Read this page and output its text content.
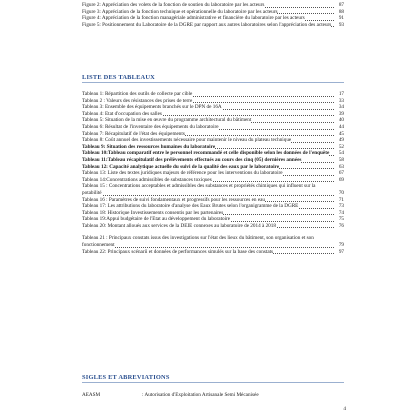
Figure 2: Appréciation des volets de la fonction de soutien du laboratoire par les acteurs	87
Figure 3: Appréciation de la fonction technique et opérationnelle du laboratoire par les acteurs	88
Figure 4: Appréciation de la fonction managériale administrative et financière du laboratoire par les acteurs	91
Figure 5: Positionnement du Laboratoire de la DGRE par rapport aux autres laboratoires selon l'appréciation des acteurs	93
LISTE DES TABLEAUX
Tableau 1: Répartition des outils de collecte par cible	17
Tableau 2 : Valeurs des résistances des prises de terre	33
Tableau 3: Ensemble des équipements branchés sur le DPN de 16A	34
Tableau 4: Etat d'occupation des salles	39
Tableau 5: Situation de la mise en œuvre du programme architectural du bâtiment	40
Tableau 6: Résultat de l'inventaire des équipements du laboratoire	44
Tableau 7: Récapitulatif de l'état des équipements	45
Tableau 8: Coût annuel des investissements nécessaire pour maintenir le niveau du plateau technique	49
Tableau 9: Situation des ressources humaines du laboratoire	52
Tableau 10:Tableau comparatif entre le personnel recommandé et celle disponible selon les données de l'enquête	54
Tableau 11:Tableau récapitulatif des prélèvements effectués au cours des cinq (05) dernières années	58
Tableau 12: Capacité analytique actuelle du suivi de la qualité des eaux par le laboratoire	63
Tableau 13: Liste des textes juridiques majeurs de référence pour les interventions du laboratoire	67
Tableau 14:Concentrations admissibles de substances toxiques	69
Tableau 15 : Concentrations acceptables et admissibles des substances et propriétés chimiques qui influent sur la potabilité	70
Tableau 16 : Paramètres de suivi fondamentaux et progressifs pour les ressources en eau	71
Tableau 17: Les attributions du laboratoire d'analyse des Eaux Brutes selon l'organigramme de la DGRE	73
Tableau 18: Historique Investissements consentis par les partenaires	74
Tableau 19:Appui budgétaire de l'Etat au développement du laboratoire	75
Tableau 20: Montant alloués aux services de la DEIE connexes au laboratoire de 2014 à 2018	76
Tableau 21 : Principaux constats issus des investigations sur l'état des lieux du bâtiment, son organisation et son fonctionnement	79
Tableau 22: Principaux scénarii et données de performances simulés sur la base des constats	97
SIGLES ET ABREVIATIONS
AEASM	: Autorisation d'Exploitation Artisanale Semi Mécanisée
4
